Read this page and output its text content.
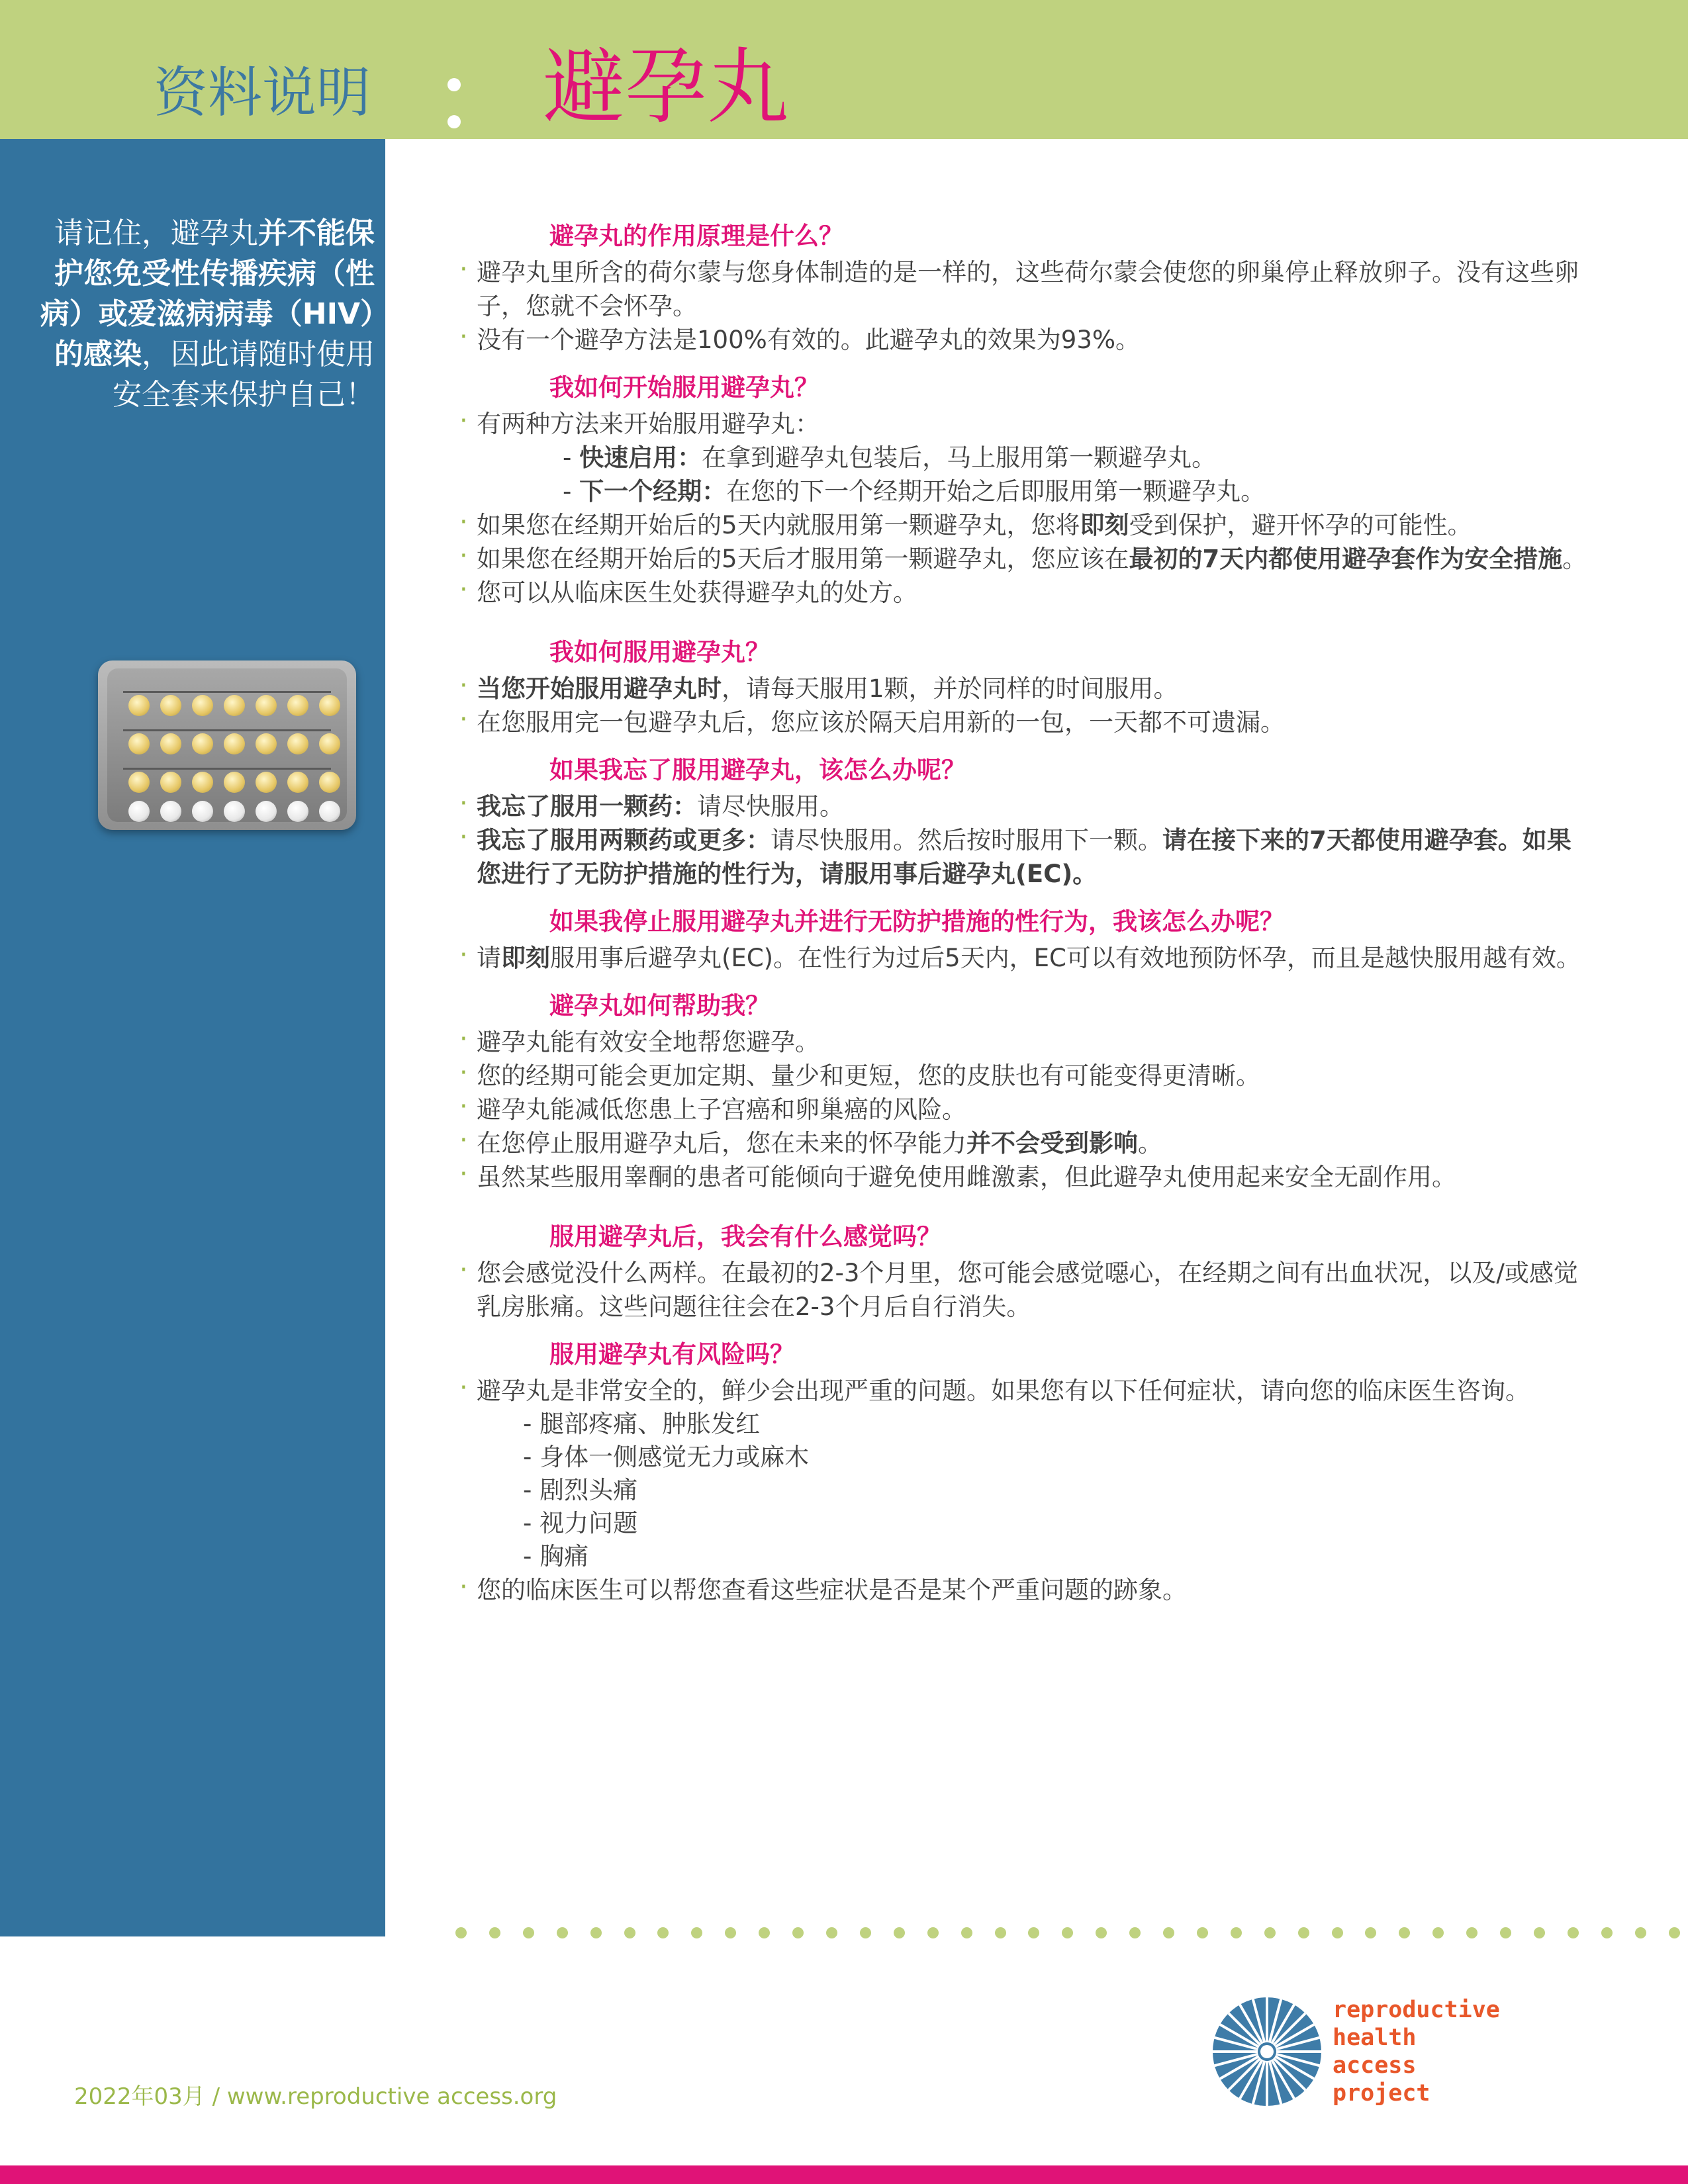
资料说明 避孕丸
请记住，避孕丸并不能保护您免受性传播疾病（性病）或爱滋病病毒（HIV）的感染，因此请随时使用安全套来保护自己！
避孕丸的作用原理是什么？
· 避孕丸里所含的荷尔蒙与您身体制造的是一样的，这些荷尔蒙会使您的卵巢停止释放卵子。没有这些卵子，您就不会怀孕。
· 没有一个避孕方法是100%有效的。此避孕丸的效果为93%。
我如何开始服用避孕丸？
· 有两种方法来开始服用避孕丸：
- 快速启用：在拿到避孕丸包装后，马上服用第一颗避孕丸。
- 下一个经期：在您的下一个经期开始之后即服用第一颗避孕丸。
· 如果您在经期开始后的5天内就服用第一颗避孕丸，您将即刻受到保护，避开怀孕的可能性。
· 如果您在经期开始后的5天后才服用第一颗避孕丸，您应该在最初的7天内都使用避孕套作为安全措施。
· 您可以从临床医生处获得避孕丸的处方。
我如何服用避孕丸？
· 当您开始服用避孕丸时，请每天服用1颗，并於同样的时间服用。
· 在您服用完一包避孕丸后，您应该於隔天启用新的一包，一天都不可遗漏。
如果我忘了服用避孕丸，该怎么办呢？
· 我忘了服用一颗药：请尽快服用。
· 我忘了服用两颗药或更多：请尽快服用。然后按时服用下一颗。请在接下来的7天都使用避孕套。如果您进行了无防护措施的性行为，请服用事后避孕丸(EC)。
如果我停止服用避孕丸并进行无防护措施的性行为，我该怎么办呢？
· 请即刻服用事后避孕丸(EC)。在性行为过后5天内，EC可以有效地预防怀孕，而且是越快服用越有效。
避孕丸如何帮助我？
· 避孕丸能有效安全地帮您避孕。
· 您的经期可能会更加定期、量少和更短，您的皮肤也有可能变得更清晰。
· 避孕丸能减低您患上子宫癌和卵巢癌的风险。
· 在您停止服用避孕丸后，您在未来的怀孕能力并不会受到影响。
· 虽然某些服用睾酮的患者可能倾向于避免使用雌激素，但此避孕丸使用起来安全无副作用。
服用避孕丸后，我会有什么感觉吗？
· 您会感觉没什么两样。在最初的2-3个月里，您可能会感觉噁心，在经期之间有出血状况，以及/或感觉乳房胀痛。这些问题往往会在2-3个月后自行消失。
服用避孕丸有风险吗？
· 避孕丸是非常安全的，鲜少会出现严重的问题。如果您有以下任何症状，请向您的临床医生咨询。
- 腿部疼痛、肿胀发红
- 身体一侧感觉无力或麻木
- 剧烈头痛
- 视力问题
- 胸痛
· 您的临床医生可以帮您查看这些症状是否是某个严重问题的跡象。
2022年03月 / www.reproductive access.org
reproductive
health
access
project
